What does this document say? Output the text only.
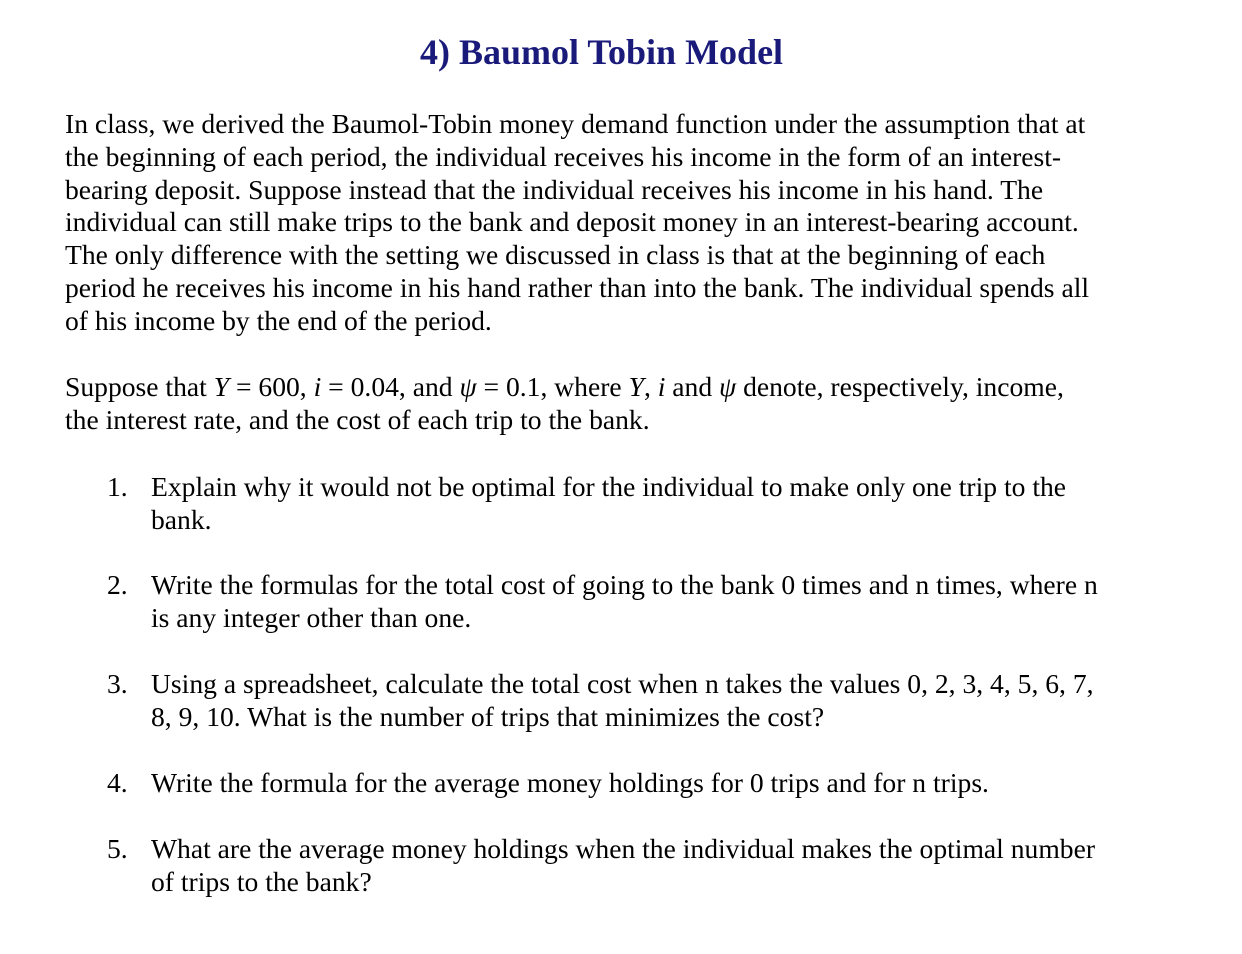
4) Baumol Tobin Model

In class, we derived the Baumol-Tobin money demand function under the assumption that at
the beginning of each period, the individual receives his income in the form of an interest-
bearing deposit. Suppose instead that the individual receives his income in his hand. The
individual can still make trips to the bank and deposit money in an interest-bearing account.
The only difference with the setting we discussed in class is that at the beginning of each
period he receives his income in his hand rather than into the bank. The individual spends all
of his income by the end of the period.

Suppose that Y = 600, i = 0.04, and ψ = 0.1, where Y, i and ψ denote, respectively, income,
the interest rate, and the cost of each trip to the bank.

1. Explain why it would not be optimal for the individual to make only one trip to the
bank.
2. Write the formulas for the total cost of going to the bank 0 times and n times, where n
is any integer other than one.
3. Using a spreadsheet, calculate the total cost when n takes the values 0, 2, 3, 4, 5, 6, 7,
8, 9, 10. What is the number of trips that minimizes the cost?
4. Write the formula for the average money holdings for 0 trips and for n trips.
5. What are the average money holdings when the individual makes the optimal number
of trips to the bank?
